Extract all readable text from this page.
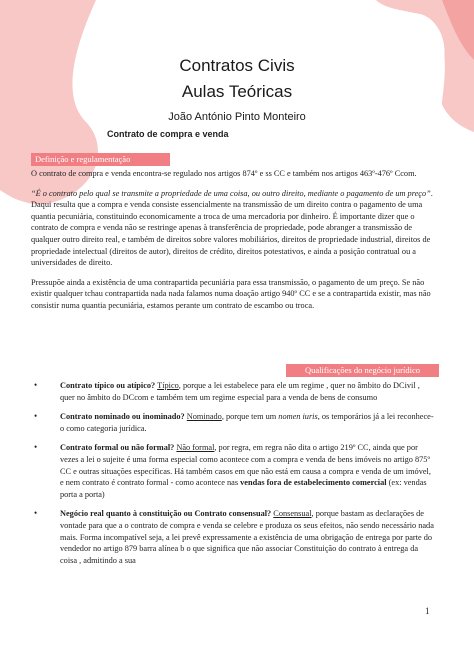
Contratos Civis
Aulas Teóricas
João António Pinto Monteiro
Contrato de compra e venda
Definição e regulamentação

O contrato de compra e venda encontra-se regulado nos artigos 874º e ss CC e também nos artigos 463º-476º Ccom.

“É o contrato pelo qual se transmite a propriedade de uma coisa, ou outro direito, mediante o pagamento de um preço”. Daqui resulta que a compra e venda consiste essencialmente na transmissão de um direito contra o pagamento de uma quantia pecuniária, constituindo economicamente a troca de uma mercadoria por dinheiro. É importante dizer que o contrato de compra e venda não se restringe apenas à transferência de propriedade, pode abranger a transmissão de qualquer outro direito real, e também de direitos sobre valores mobiliários, direitos de propriedade industrial, direitos de propriedade intelectual (direitos de autor), direitos de crédito, direitos potestativos, e ainda a posição contratual ou a universidades de direito.

Pressupõe ainda a existência de uma contrapartida pecuniária para essa transmissão, o pagamento de um preço. Se não existir qualquer tchau contrapartida nada nada falamos numa doação artigo 940º CC e se a contrapartida existir, mas não consistir numa quantia pecuniária, estamos perante um contrato de escambo ou troca.

Qualificações do negócio jurídico
•	Contrato típico ou atípico? Típico, porque a lei estabelece para ele um regime , quer no âmbito do DCivil , quer no âmbito do DCcom e também tem um regime especial para a venda de bens de consumo
•	Contrato nominado ou inominado? Nominado, porque tem um nomen iuris, os temporários já a lei reconhece-o como categoria jurídica.
•	Contrato formal ou não formal? Não formal, por regra, em regra não dita o artigo 219º CC, ainda que por vezes a lei o sujeite é uma forma especial como acontece com a compra e venda de bens imóveis no artigo 875º CC e outras situações específicas. Há também casos em que não está em causa a compra e venda de um imóvel, e nem contrato é contrato formal - como acontece nas vendas fora de estabelecimento comercial (ex: vendas porta a porta)
•	Negócio real quanto à constituição ou Contrato consensual? Consensual, porque bastam as declarações de vontade para que a o contrato de compra e venda se celebre e produza os seus efeitos, não sendo necessário nada mais. Forma incompatível seja, a lei prevê expressamente a existência de uma obrigação de entrega por parte do vendedor no artigo 879 barra alínea b o que significa que não associar Constituição do contrato à entrega da coisa , admitindo a sua
1
